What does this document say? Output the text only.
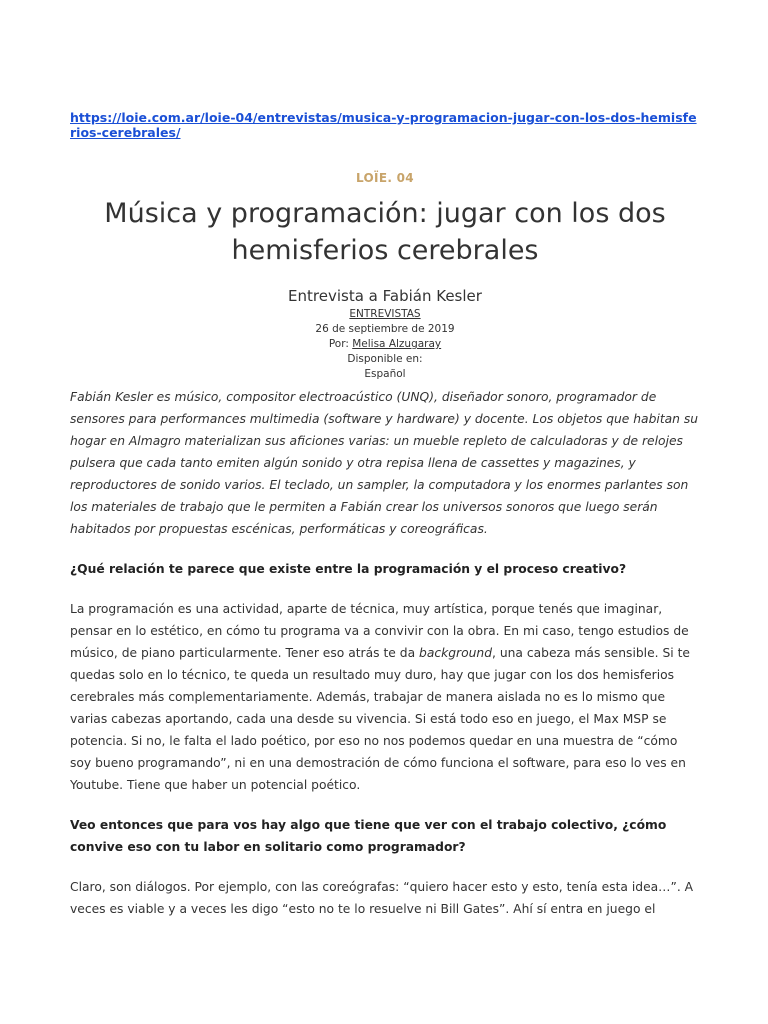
https://loie.com.ar/loie-04/entrevistas/musica-y-programacion-jugar-con-los-dos-hemisferios-cerebrales/
LOÏE. 04
Música y programación: jugar con los dos hemisferios cerebrales
Entrevista a Fabián Kesler
ENTREVISTAS
26 de septiembre de 2019
Por: Melisa Alzugaray
Disponible en:
Español

Fabián Kesler es músico, compositor electroacústico (UNQ), diseñador sonoro, programador de sensores para performances multimedia (software y hardware) y docente. Los objetos que habitan su hogar en Almagro materializan sus aficiones varias: un mueble repleto de calculadoras y de relojes pulsera que cada tanto emiten algún sonido y otra repisa llena de cassettes y magazines, y reproductores de sonido varios. El teclado, un sampler, la computadora y los enormes parlantes son los materiales de trabajo que le permiten a Fabián crear los universos sonoros que luego serán habitados por propuestas escénicas, performáticas y coreográficas.

¿Qué relación te parece que existe entre la programación y el proceso creativo?

La programación es una actividad, aparte de técnica, muy artística, porque tenés que imaginar, pensar en lo estético, en cómo tu programa va a convivir con la obra. En mi caso, tengo estudios de músico, de piano particularmente. Tener eso atrás te da background, una cabeza más sensible. Si te quedas solo en lo técnico, te queda un resultado muy duro, hay que jugar con los dos hemisferios cerebrales más complementariamente. Además, trabajar de manera aislada no es lo mismo que varias cabezas aportando, cada una desde su vivencia. Si está todo eso en juego, el Max MSP se potencia. Si no, le falta el lado poético, por eso no nos podemos quedar en una muestra de “cómo soy bueno programando”, ni en una demostración de cómo funciona el software, para eso lo ves en Youtube. Tiene que haber un potencial poético.

Veo entonces que para vos hay algo que tiene que ver con el trabajo colectivo, ¿cómo convive eso con tu labor en solitario como programador?

Claro, son diálogos. Por ejemplo, con las coreógrafas: “quiero hacer esto y esto, tenía esta idea…”. A veces es viable y a veces les digo “esto no te lo resuelve ni Bill Gates”. Ahí sí entra en juego el
